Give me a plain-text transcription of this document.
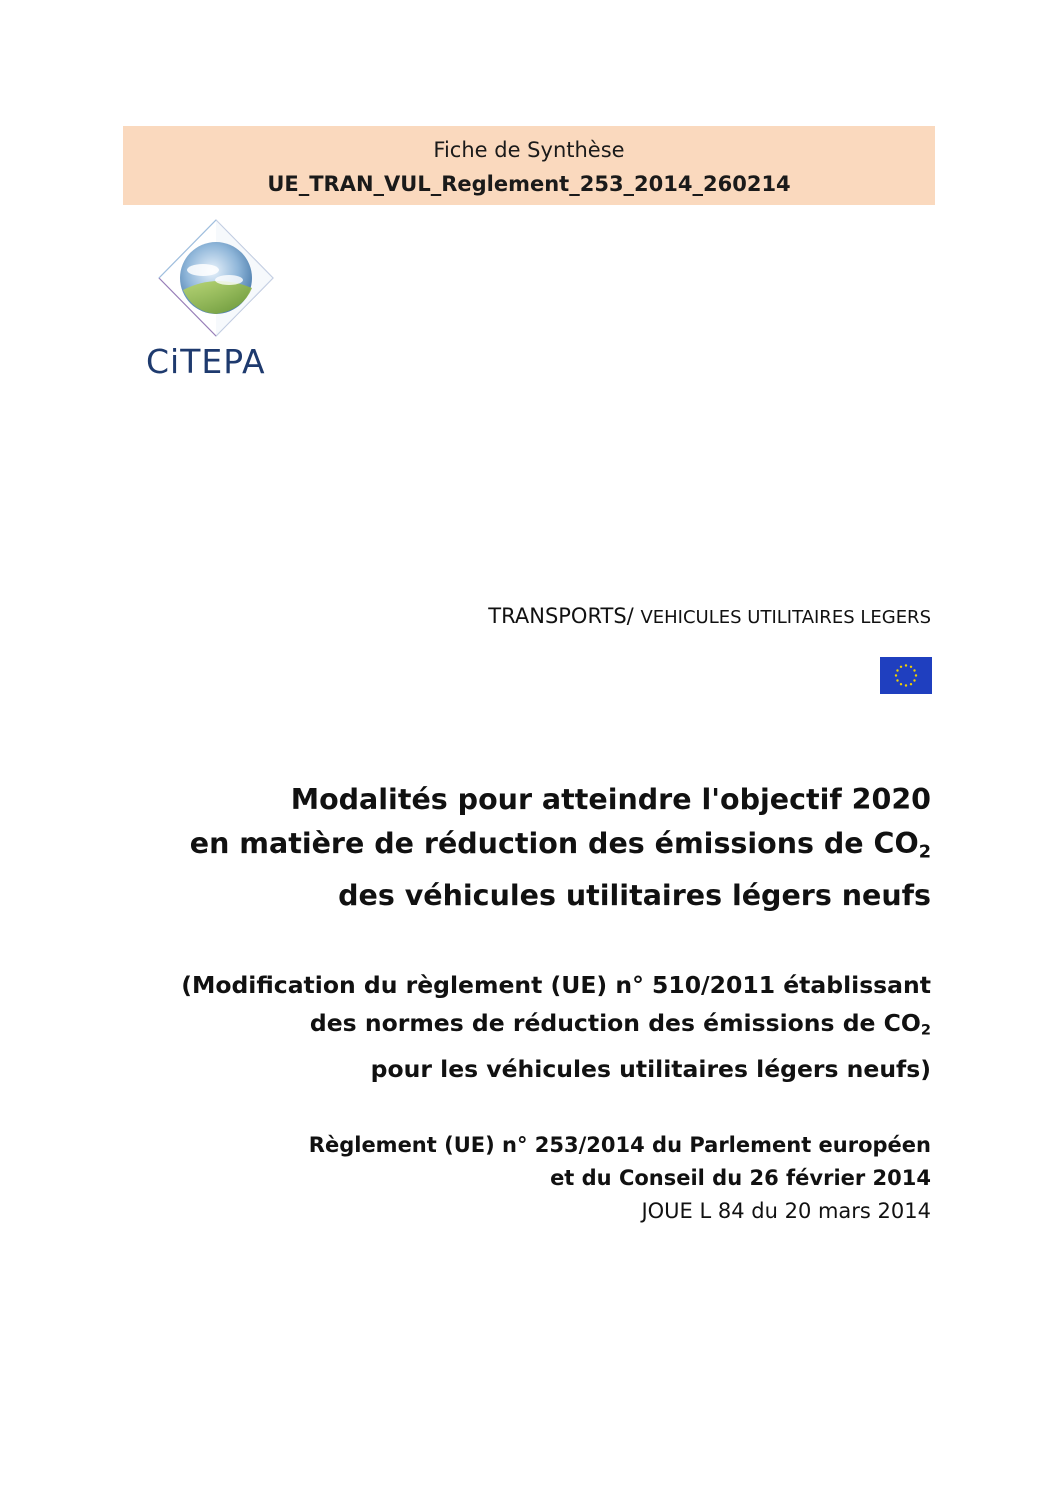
Fiche de Synthèse
UE_TRAN_VUL_Reglement_253_2014_260214
CiTEPA
TRANSPORTS/ VEHICULES UTILITAIRES LEGERS
Modalités pour atteindre l'objectif 2020
en matière de réduction des émissions de CO2
des véhicules utilitaires légers neufs
(Modification du règlement (UE) n° 510/2011 établissant
des normes de réduction des émissions de CO2
pour les véhicules utilitaires légers neufs)
Règlement (UE) n° 253/2014 du Parlement européen
et du Conseil du 26 février 2014
JOUE L 84 du 20 mars 2014
